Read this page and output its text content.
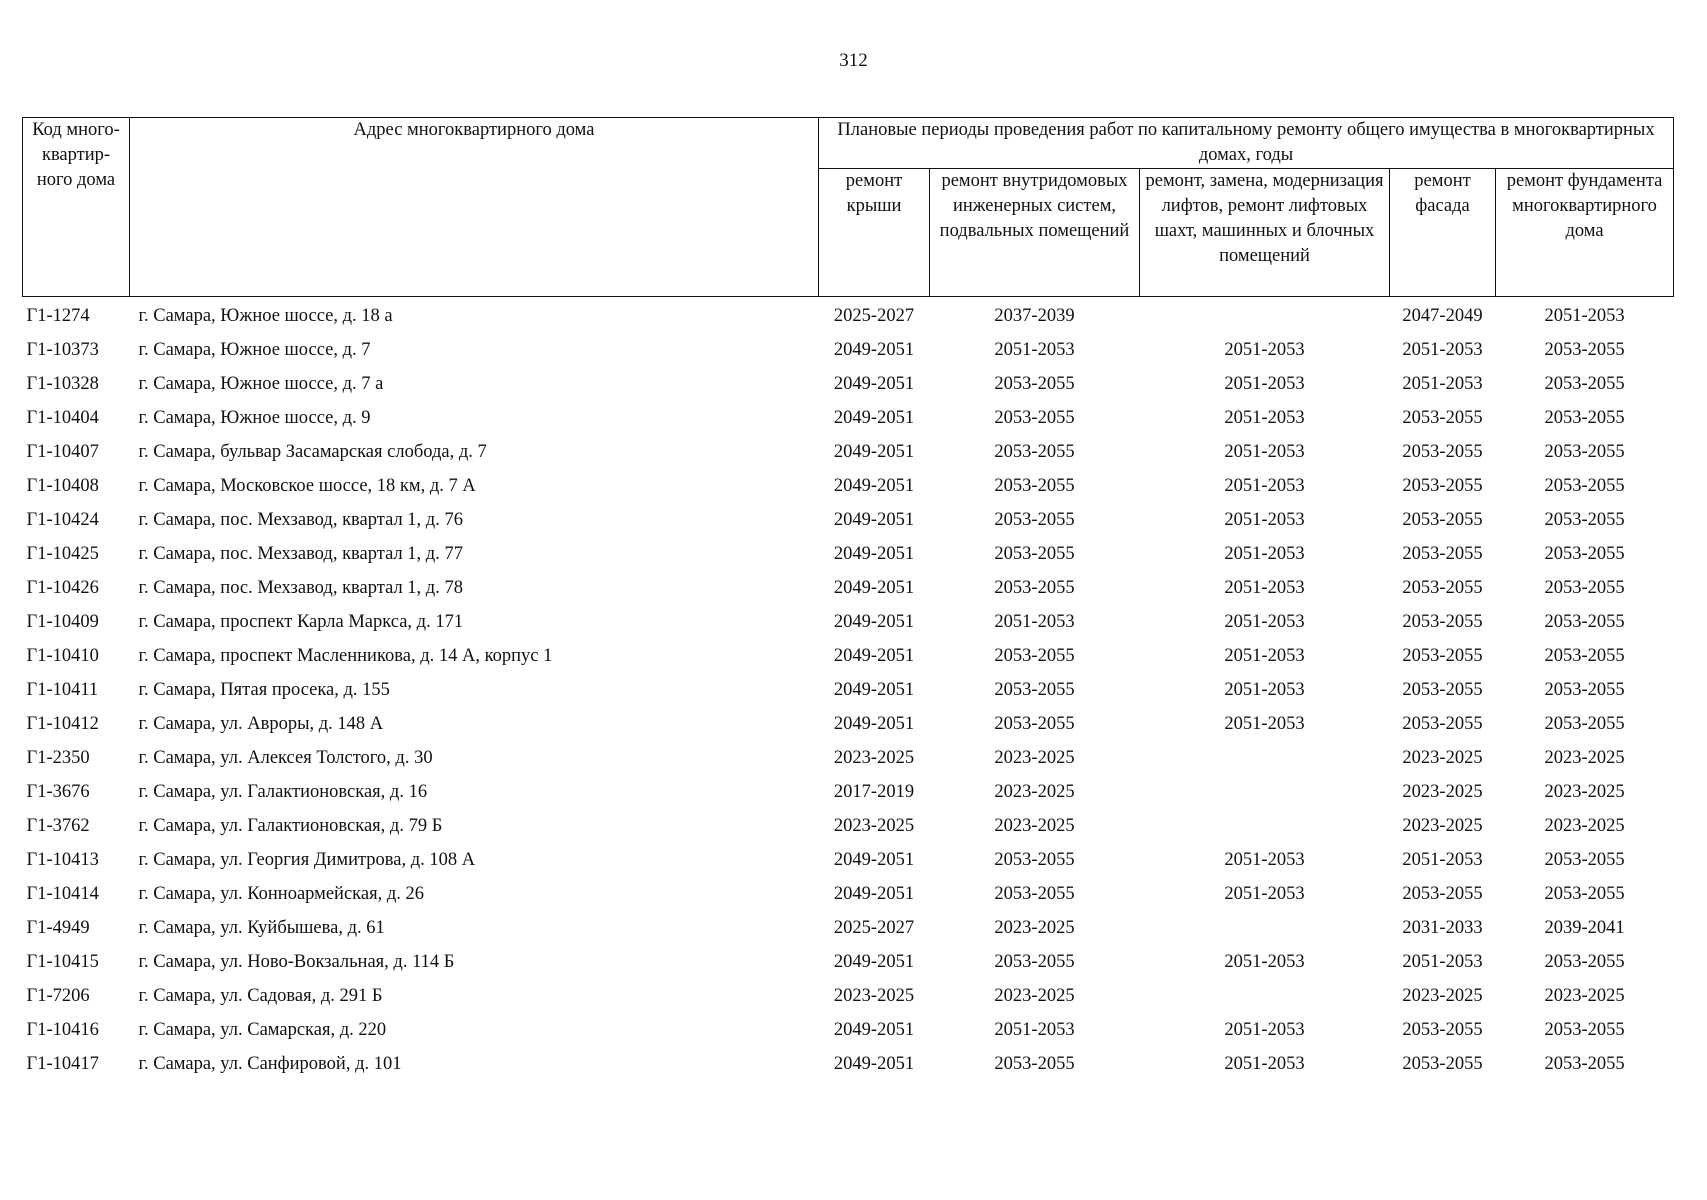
312
Код много-квартир-ного дома	Адрес многоквартирного дома	Плановые периоды проведения работ по капитальному ремонту общего имущества в многоквартирных домах, годы				
		ремонт крыши	ремонт внутридомовых инженерных систем, подвальных помещений	ремонт, замена, модернизация лифтов, ремонт лифтовых шахт, машинных и блочных помещений	ремонт фасада	ремонт фундамента многоквартирного дома
Г1-1274	г. Самара, Южное шоссе, д. 18 а	2025-2027	2037-2039		2047-2049	2051-2053
Г1-10373	г. Самара, Южное шоссе, д. 7	2049-2051	2051-2053	2051-2053	2051-2053	2053-2055
Г1-10328	г. Самара, Южное шоссе, д. 7 а	2049-2051	2053-2055	2051-2053	2051-2053	2053-2055
Г1-10404	г. Самара, Южное шоссе, д. 9	2049-2051	2053-2055	2051-2053	2053-2055	2053-2055
Г1-10407	г. Самара, бульвар Засамарская слобода, д. 7	2049-2051	2053-2055	2051-2053	2053-2055	2053-2055
Г1-10408	г. Самара, Московское шоссе, 18 км, д. 7 А	2049-2051	2053-2055	2051-2053	2053-2055	2053-2055
Г1-10424	г. Самара, пос. Мехзавод, квартал 1, д. 76	2049-2051	2053-2055	2051-2053	2053-2055	2053-2055
Г1-10425	г. Самара, пос. Мехзавод, квартал 1, д. 77	2049-2051	2053-2055	2051-2053	2053-2055	2053-2055
Г1-10426	г. Самара, пос. Мехзавод, квартал 1, д. 78	2049-2051	2053-2055	2051-2053	2053-2055	2053-2055
Г1-10409	г. Самара, проспект Карла Маркса, д. 171	2049-2051	2051-2053	2051-2053	2053-2055	2053-2055
Г1-10410	г. Самара, проспект Масленникова, д. 14 А, корпус 1	2049-2051	2053-2055	2051-2053	2053-2055	2053-2055
Г1-10411	г. Самара, Пятая просека, д. 155	2049-2051	2053-2055	2051-2053	2053-2055	2053-2055
Г1-10412	г. Самара, ул. Авроры, д. 148 А	2049-2051	2053-2055	2051-2053	2053-2055	2053-2055
Г1-2350	г. Самара, ул. Алексея Толстого, д. 30	2023-2025	2023-2025		2023-2025	2023-2025
Г1-3676	г. Самара, ул. Галактионовская, д. 16	2017-2019	2023-2025		2023-2025	2023-2025
Г1-3762	г. Самара, ул. Галактионовская, д. 79 Б	2023-2025	2023-2025		2023-2025	2023-2025
Г1-10413	г. Самара, ул. Георгия Димитрова, д. 108 А	2049-2051	2053-2055	2051-2053	2051-2053	2053-2055
Г1-10414	г. Самара, ул. Конноармейская, д. 26	2049-2051	2053-2055	2051-2053	2053-2055	2053-2055
Г1-4949	г. Самара, ул. Куйбышева, д. 61	2025-2027	2023-2025		2031-2033	2039-2041
Г1-10415	г. Самара, ул. Ново-Вокзальная, д. 114 Б	2049-2051	2053-2055	2051-2053	2051-2053	2053-2055
Г1-7206	г. Самара, ул. Садовая, д. 291 Б	2023-2025	2023-2025		2023-2025	2023-2025
Г1-10416	г. Самара, ул. Самарская, д. 220	2049-2051	2051-2053	2051-2053	2053-2055	2053-2055
Г1-10417	г. Самара, ул. Санфировой, д. 101	2049-2051	2053-2055	2051-2053	2053-2055	2053-2055
